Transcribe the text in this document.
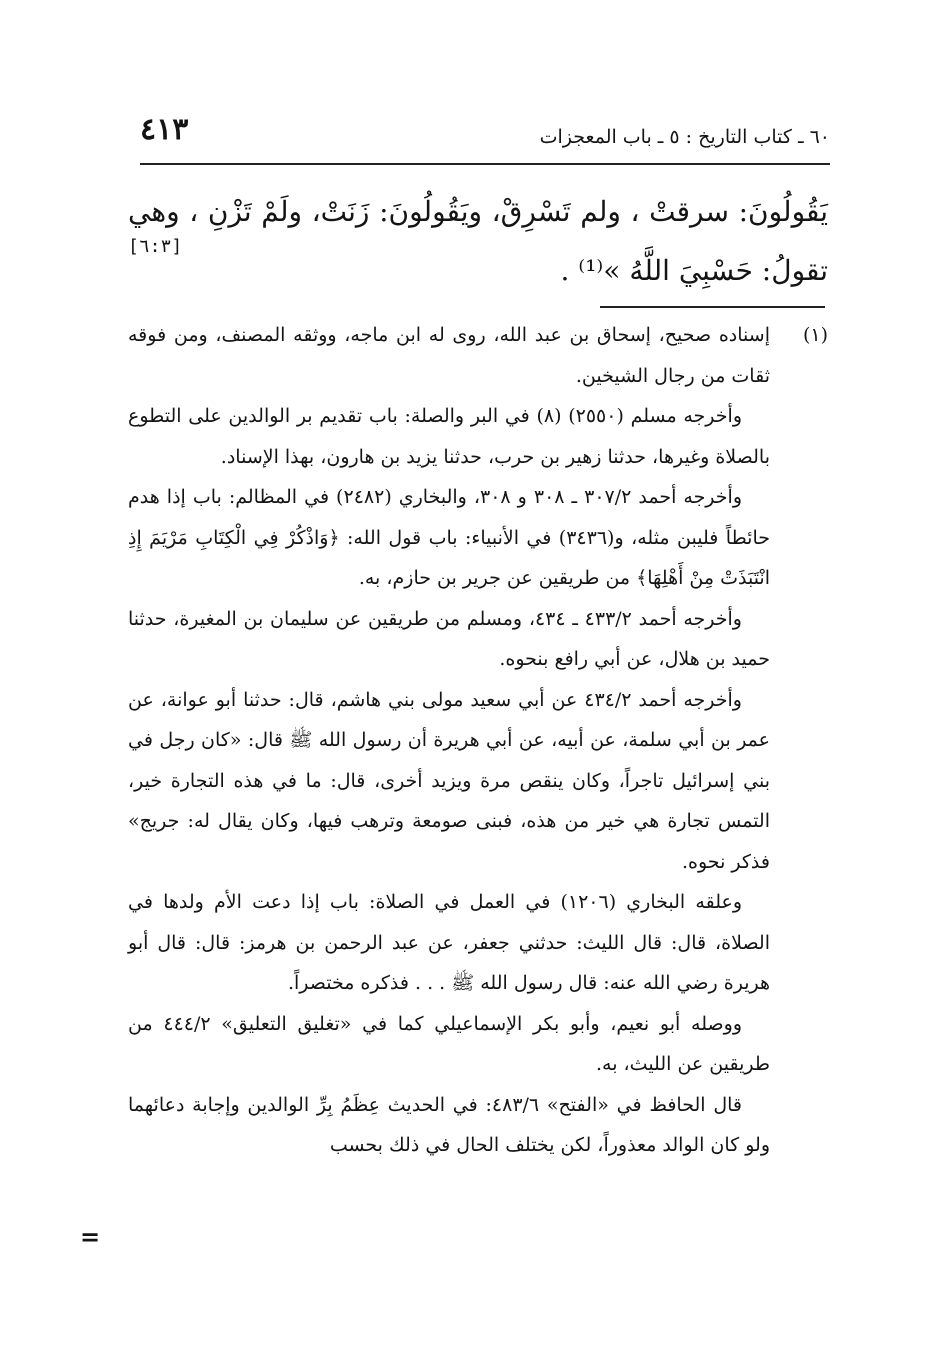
٦٠ ـ كتاب التاريخ : ٥ ـ باب المعجزات
٤١٣

يَقُولُونَ: سرقتْ ، ولم تَسْرِقْ، ويَقُولُونَ: زَنَتْ، ولَمْ تَزْنِ ، وهي تقولُ: حَسْبِيَ اللَّهُ »⁽¹⁾ .

[٦:٣]
(١)

إسناده صحيح، إسحاق بن عبد الله، روى له ابن ماجه، ووثقه المصنف، ومن فوقه ثقات من رجال الشيخين.

وأخرجه مسلم (٢٥٥٠) (٨) في البر والصلة: باب تقديم بر الوالدين على التطوع بالصلاة وغيرها، حدثنا زهير بن حرب، حدثنا يزيد بن هارون، بهذا الإسناد.

وأخرجه أحمد ٣٠٧/٢ ـ ٣٠٨ و ٣٠٨، والبخاري (٢٤٨٢) في المظالم: باب إذا هدم حائطاً فليبن مثله، و(٣٤٣٦) في الأنبياء: باب قول الله: ﴿وَاذْكُرْ فِي الْكِتَابِ مَرْيَمَ إِذِ انْتَبَذَتْ مِنْ أَهْلِهَا﴾ من طريقين عن جرير بن حازم، به.

وأخرجه أحمد ٤٣٣/٢ ـ ٤٣٤، ومسلم من طريقين عن سليمان بن المغيرة، حدثنا حميد بن هلال، عن أبي رافع بنحوه.

وأخرجه أحمد ٤٣٤/٢ عن أبي سعيد مولى بني هاشم، قال: حدثنا أبو عوانة، عن عمر بن أبي سلمة، عن أبيه، عن أبي هريرة أن رسول الله ﷺ قال: «كان رجل في بني إسرائيل تاجراً، وكان ينقص مرة ويزيد أخرى، قال: ما في هذه التجارة خير، التمس تجارة هي خير من هذه، فبنى صومعة وترهب فيها، وكان يقال له: جريج» فذكر نحوه.

وعلقه البخاري (١٢٠٦) في العمل في الصلاة: باب إذا دعت الأم ولدها في الصلاة، قال: قال الليث: حدثني جعفر، عن عبد الرحمن بن هرمز: قال: قال أبو هريرة رضي الله عنه: قال رسول الله ﷺ . . . فذكره مختصراً.

ووصله أبو نعيم، وأبو بكر الإسماعيلي كما في «تغليق التعليق» ٤٤٤/٢ من طريقين عن الليث، به.

قال الحافظ في «الفتح» ٤٨٣/٦: في الحديث عِظَمُ بِرِّ الوالدين وإجابة دعائهما ولو كان الوالد معذوراً، لكن يختلف الحال في ذلك بحسب

=
